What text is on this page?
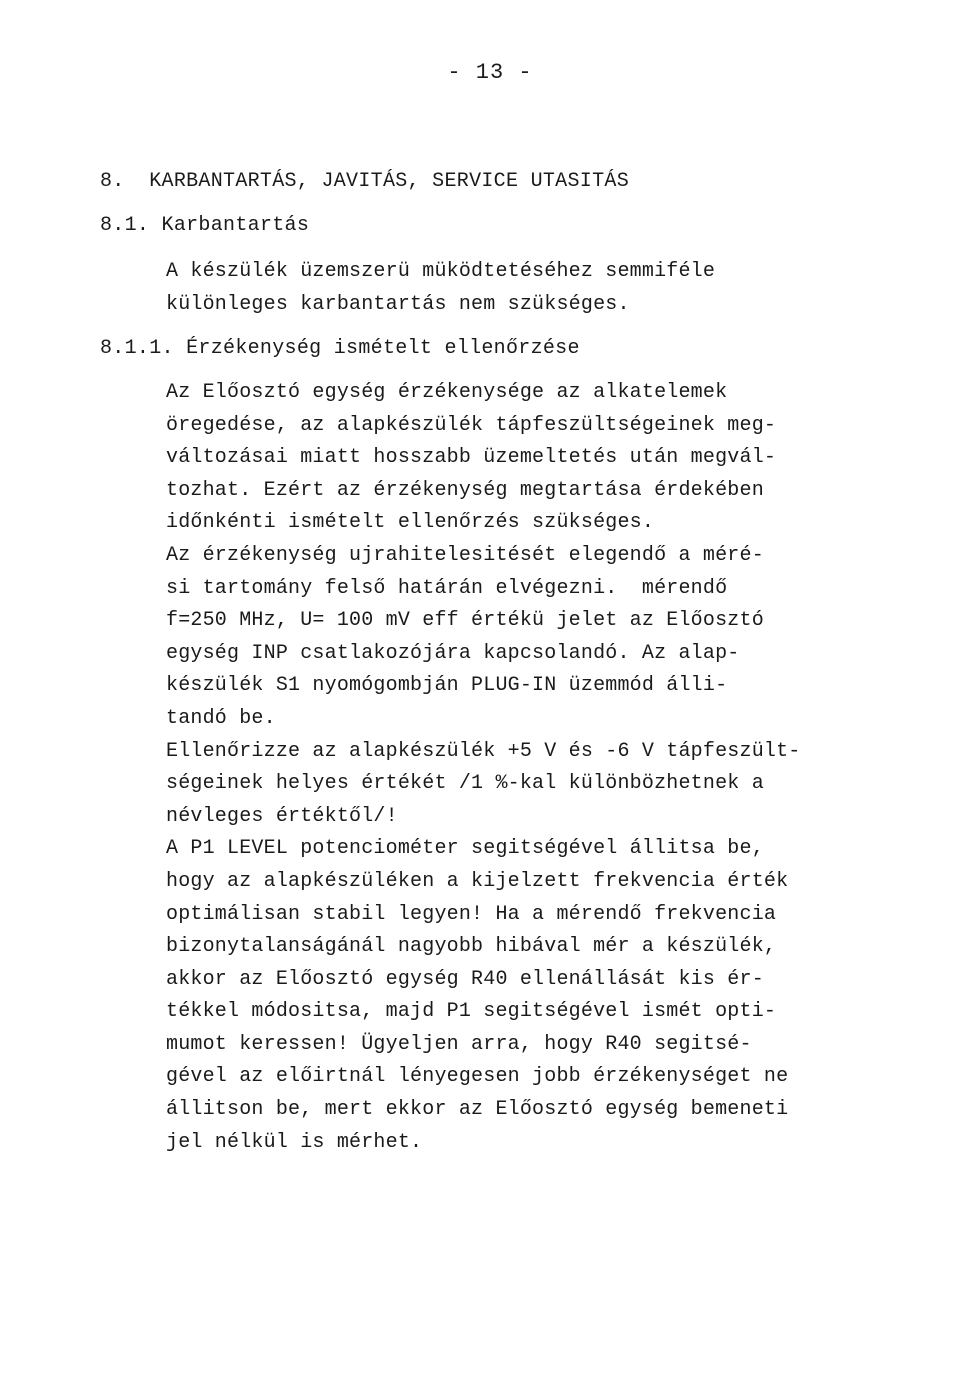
- 13 -
8. KARBANTARTÁS, JAVITÁS, SERVICE UTASITÁS
8.1. Karbantartás
A készülék üzemszerü müködtetéséhez semmiféle
különleges karbantartás nem szükséges.
8.1.1. Érzékenység ismételt ellenőrzése
Az Előosztó egység érzékenysége az alkatelemek
öregedése, az alapkészülék tápfeszültségeinek meg-
változásai miatt hosszabb üzemeltetés után megvál-
tozhat. Ezért az érzékenység megtartása érdekében
időnkénti ismételt ellenőrzés szükséges.
Az érzékenység ujrahitelesitését elegendő a méré-
si tartomány felső határán elvégezni.  mérendő
f=250 MHz, U= 100 mV eff értékü jelet az Előosztó
egység INP csatlakozójára kapcsolandó. Az alap-
készülék S1 nyomógombján PLUG-IN üzemmód álli-
tandó be.
Ellenőrizze az alapkészülék +5 V és -6 V tápfeszült-
ségeinek helyes értékét /1 %-kal különbözhetnek a
névleges értéktől/!
A P1 LEVEL potenciométer segitségével állitsa be,
hogy az alapkészüléken a kijelzett frekvencia érték
optimálisan stabil legyen! Ha a mérendő frekvencia
bizonytalanságánál nagyobb hibával mér a készülék,
akkor az Előosztó egység R40 ellenállását kis ér-
tékkel módositsa, majd P1 segitségével ismét opti-
mumot keressen! Ügyeljen arra, hogy R40 segitsé-
gével az előirtnál lényegesen jobb érzékenységet ne
állitson be, mert ekkor az Előosztó egység bemeneti
jel nélkül is mérhet.
